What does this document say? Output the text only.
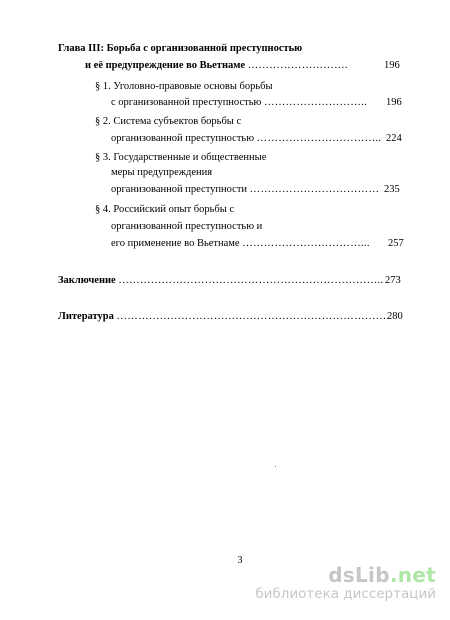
Глава III: Борьба с организованной преступностью
и её предупреждение во Вьетнаме ……………………….	196
§ 1. Уголовно-правовые основы борьбы
с организованной преступностью ……………………….. 196
§ 2. Система субъектов борьбы с
организованной преступностью …………………………….. 224
§ 3. Государственные и общественные
меры предупреждения
организованной преступности ……………………………… 235
§ 4. Российский опыт борьбы с
организованной преступностью и
его применение во Вьетнаме ……………………………... 257
Заключение ……………………………………………………………….. 273
Литература ………………………………………………………………….
280
3
dsLib.net
библиотека диссертаций
